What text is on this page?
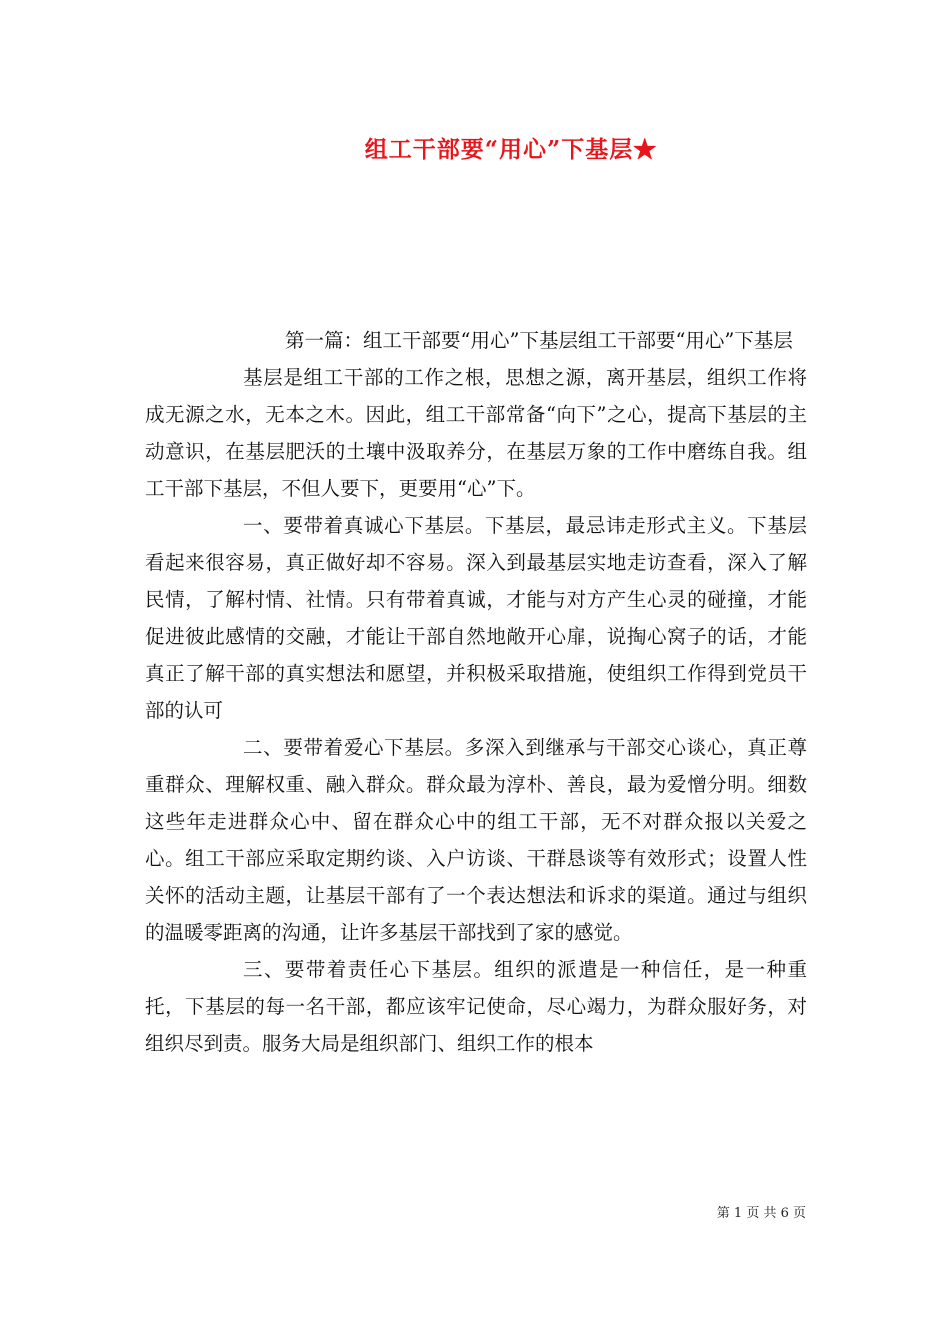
组工干部要“用心”下基层★

第一篇：组工干部要“用心”下基层组工干部要“用心”下基层

基层是组工干部的工作之根，思想之源，离开基层，组织工作将成无源之水，无本之木。因此，组工干部常备“向下”之心，提高下基层的主动意识，在基层肥沃的土壤中汲取养分，在基层万象的工作中磨练自我。组工干部下基层，不但人要下，更要用“心”下。

一、要带着真诚心下基层。下基层，最忌讳走形式主义。下基层看起来很容易，真正做好却不容易。深入到最基层实地走访查看，深入了解民情，了解村情、社情。只有带着真诚，才能与对方产生心灵的碰撞，才能促进彼此感情的交融，才能让干部自然地敞开心扉，说掏心窝子的话，才能真正了解干部的真实想法和愿望，并积极采取措施，使组织工作得到党员干部的认可

二、要带着爱心下基层。多深入到继承与干部交心谈心，真正尊重群众、理解权重、融入群众。群众最为淳朴、善良，最为爱憎分明。细数这些年走进群众心中、留在群众心中的组工干部，无不对群众报以关爱之心。组工干部应采取定期约谈、入户访谈、干群恳谈等有效形式；设置人性关怀的活动主题，让基层干部有了一个表达想法和诉求的渠道。通过与组织的温暖零距离的沟通，让许多基层干部找到了家的感觉。

三、要带着责任心下基层。组织的派遣是一种信任，是一种重托，下基层的每一名干部，都应该牢记使命，尽心竭力，为群众服好务，对组织尽到责。服务大局是组织部门、组织工作的根本

第 1 页 共 6 页
